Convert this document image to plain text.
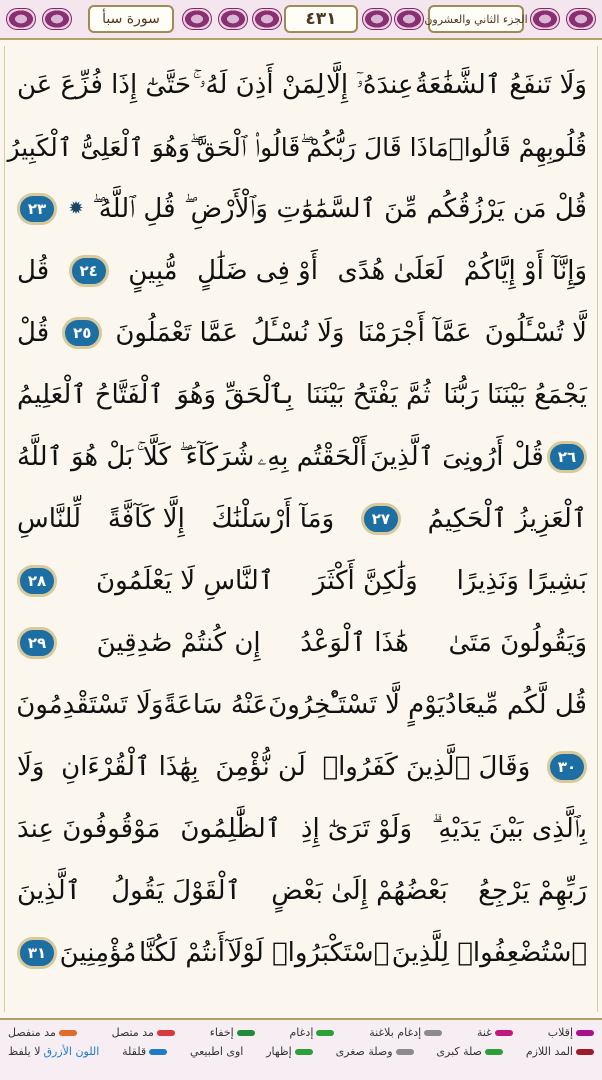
سورة سبأ	٤٣١	الجزء الثاني والعشرون
وَلَا تَنفَعُ ٱلشَّفَٰعَةُ
عِندَهُۥٓ إِلَّا
لِمَنْ أَذِنَ لَهُۥ ۚ
حَتَّىٰٓ إِذَا فُزِّعَ عَن
قُلُوبِهِمْ قَالُوا۟
مَاذَا قَالَ رَبُّكُمْ ۖ
قَالُوا۟ ٱلْحَقَّ ۖ
وَهُوَ ٱلْعَلِىُّ ٱلْكَبِيرُ
قُلْ مَن يَرْزُقُكُم
مِّنَ ٱلسَّمَٰوَٰتِ
وَٱلْأَرْضِ ۖ
قُلِ ٱللَّهُ ۖ
✹
٢٣
وَإِنَّآ أَوْ إِيَّاكُمْ
لَعَلَىٰ هُدًى
أَوْ فِى ضَلَٰلٍ
مُّبِينٍ
٢٤
قُل
لَّا تُسْـَٔلُونَ
عَمَّآ أَجْرَمْنَا
وَلَا نُسْـَٔلُ
عَمَّا تَعْمَلُونَ
٢٥
قُلْ
يَجْمَعُ بَيْنَنَا رَبُّنَا
ثُمَّ يَفْتَحُ بَيْنَنَا
بِٱلْحَقِّ وَهُوَ
ٱلْفَتَّاحُ ٱلْعَلِيمُ
٢٦
قُلْ أَرُونِىَ ٱلَّذِينَ
أَلْحَقْتُم بِهِۦ
شُرَكَآءَ ۖ كَلَّا ۚ
بَلْ هُوَ ٱللَّهُ
ٱلْعَزِيزُ ٱلْحَكِيمُ
٢٧
وَمَآ أَرْسَلْنَٰكَ
إِلَّا كَآفَّةً
لِّلنَّاسِ
بَشِيرًا وَنَذِيرًا
وَلَٰكِنَّ أَكْثَرَ
ٱلنَّاسِ لَا يَعْلَمُونَ
٢٨
وَيَقُولُونَ مَتَىٰ
هَٰذَا ٱلْوَعْدُ
إِن كُنتُمْ صَٰدِقِينَ
٢٩
قُل لَّكُم مِّيعَادُ
يَوْمٍ لَّا تَسْتَـْٔخِرُونَ
عَنْهُ سَاعَةً
وَلَا تَسْتَقْدِمُونَ
٣٠
وَقَالَ ٱلَّذِينَ كَفَرُوا۟
لَن نُّؤْمِنَ
بِهَٰذَا ٱلْقُرْءَانِ
وَلَا
بِٱلَّذِى بَيْنَ يَدَيْهِ ۗ
وَلَوْ تَرَىٰٓ إِذِ
ٱلظَّٰلِمُونَ
مَوْقُوفُونَ عِندَ
رَبِّهِمْ يَرْجِعُ
بَعْضُهُمْ إِلَىٰ بَعْضٍ
ٱلْقَوْلَ يَقُولُ
ٱلَّذِينَ
ٱسْتُضْعِفُوا۟ لِلَّذِينَ
ٱسْتَكْبَرُوا۟ لَوْلَآ
أَنتُمْ لَكُنَّا
مُؤْمِنِينَ
٣١
إقلاب
غنة
إدغام بلاغنة
إدغام
إخفاء
مد متصل
مد منفصل
المد اللازم
صلة كبرى
وصلة صغرى
إظهار
اوى اطبيعي
قلقلة
اللون الأزرق
لا يلفظ
